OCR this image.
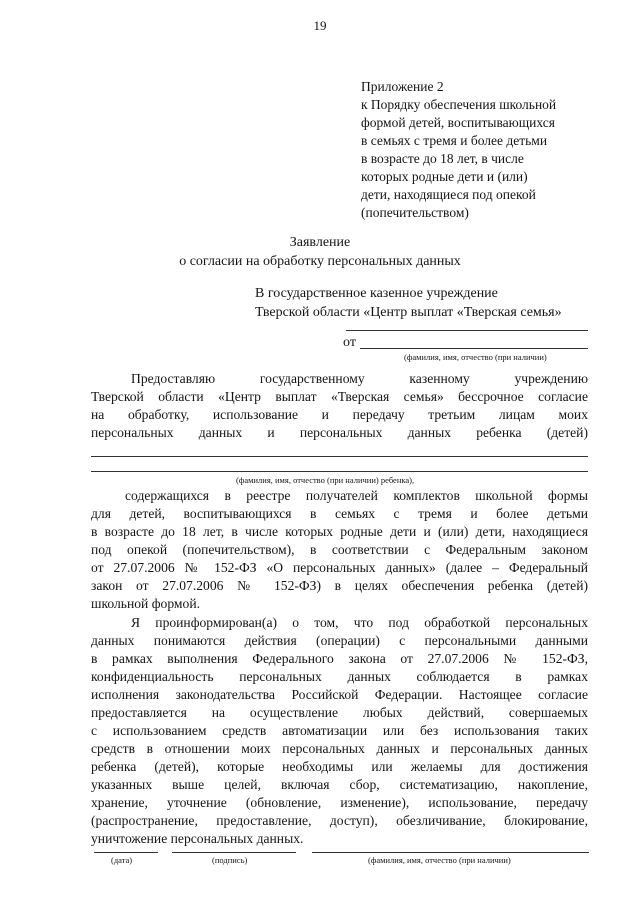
19
Приложение 2
к Порядку обеспечения школьной
формой детей, воспитывающихся
в семьях с тремя и более детьми
в возрасте до 18 лет, в числе
которых родные дети и (или)
дети, находящиеся под опекой
(попечительством)
Заявление
о согласии на обработку персональных данных
В государственное казенное учреждение
Тверской области «Центр выплат «Тверская семья»
от
(фамилия, имя, отчество (при наличии)
Предоставляю государственному казенному учреждению
Тверской области «Центр выплат «Тверская семья» бессрочное согласие
на обработку, использование и передачу третьим лицам моих
персональных данных и персональных данных ребенка (детей)
(фамилия, имя, отчество (при наличии) ребенка),
содержащихся в реестре получателей комплектов школьной формы
для детей, воспитывающихся в семьях с тремя и более детьми
в возрасте до 18 лет, в числе которых родные дети и (или) дети, находящиеся
под опекой (попечительством), в соответствии с Федеральным законом
от 27.07.2006 № 152-ФЗ «О персональных данных» (далее – Федеральный
закон от 27.07.2006 № 152-ФЗ) в целях обеспечения ребенка (детей)
школьной формой.
Я проинформирован(а) о том, что под обработкой персональных
данных понимаются действия (операции) с персональными данными
в рамках выполнения Федерального закона от 27.07.2006 № 152-ФЗ,
конфиденциальность персональных данных соблюдается в рамках
исполнения законодательства Российской Федерации. Настоящее согласие
предоставляется на осуществление любых действий, совершаемых
с использованием средств автоматизации или без использования таких
средств в отношении моих персональных данных и персональных данных
ребенка (детей), которые необходимы или желаемы для достижения
указанных выше целей, включая сбор, систематизацию, накопление,
хранение, уточнение (обновление, изменение), использование, передачу
(распространение, предоставление, доступ), обезличивание, блокирование,
уничтожение персональных данных.
(дата)	(подпись)	(фамилия, имя, отчество (при наличии)
